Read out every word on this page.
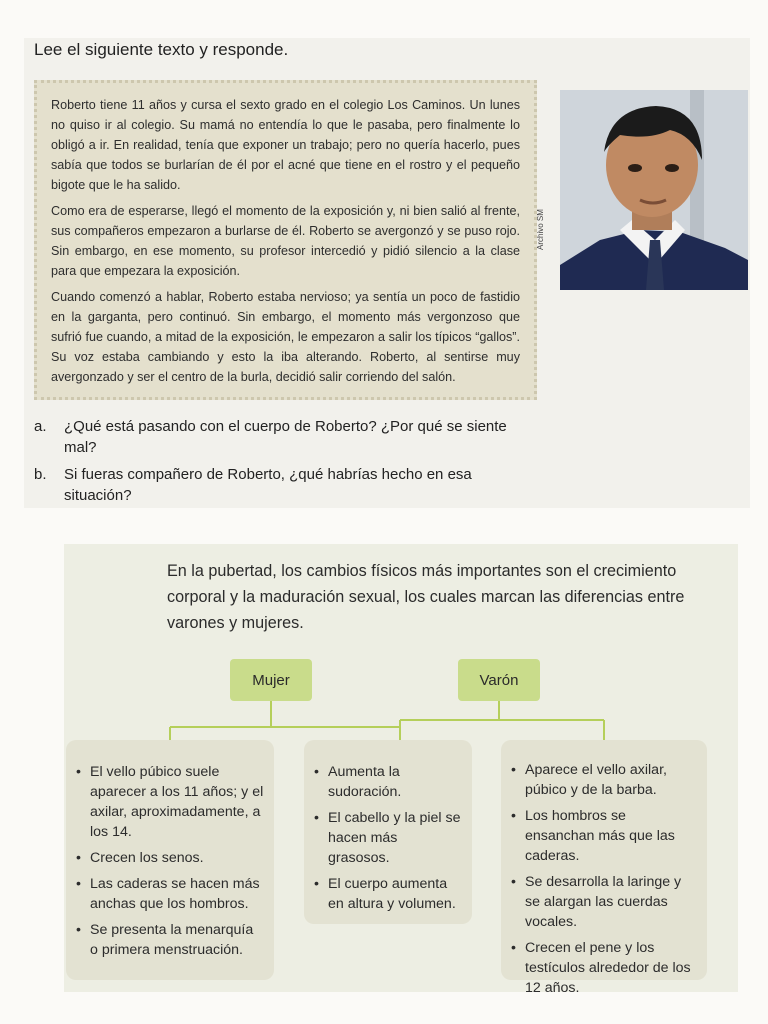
Lee el siguiente texto y responde.

Roberto tiene 11 años y cursa el sexto grado en el colegio Los Caminos. Un lunes no quiso ir al colegio. Su mamá no entendía lo que le pasaba, pero finalmente lo obligó a ir. En realidad, tenía que exponer un trabajo; pero no quería hacerlo, pues sabía que todos se burlarían de él por el acné que tiene en el rostro y el pequeño bigote que le ha salido.

Como era de esperarse, llegó el momento de la exposición y, ni bien salió al frente, sus compañeros empezaron a burlarse de él. Roberto se avergonzó y se puso rojo. Sin embargo, en ese momento, su profesor intercedió y pidió silencio a la clase para que empezara la exposición.

Cuando comenzó a hablar, Roberto estaba nervioso; ya sentía un poco de fastidio en la garganta, pero continuó. Sin embargo, el momento más vergonzoso que sufrió fue cuando, a mitad de la exposición, le empezaron a salir los típicos “gallos”. Su voz estaba cambiando y esto la iba alterando. Roberto, al sentirse muy avergonzado y ser el centro de la burla, decidió salir corriendo del salón.

Archivo SM
a.	¿Qué está pasando con el cuerpo de Roberto? ¿Por qué se siente mal?
b.	Si fueras compañero de Roberto, ¿qué habrías hecho en esa situación?
En la pubertad, los cambios físicos más importantes son el crecimiento corporal y la maduración sexual, los cuales marcan las diferencias entre varones y mujeres.
Mujer	Varón
• El vello púbico suele aparecer a los 11 años; y el axilar, aproximadamente, a los 14.
• Crecen los senos.
• Las caderas se hacen más anchas que los hombros.
• Se presenta la menarquía o primera menstruación.
• Aumenta la sudoración.
• El cabello y la piel se hacen más grasosos.
• El cuerpo aumenta en altura y volumen.
• Aparece el vello axilar, púbico y de la barba.
• Los hombros se ensanchan más que las caderas.
• Se desarrolla la laringe y se alargan las cuerdas vocales.
• Crecen el pene y los testículos alrededor de los 12 años.
